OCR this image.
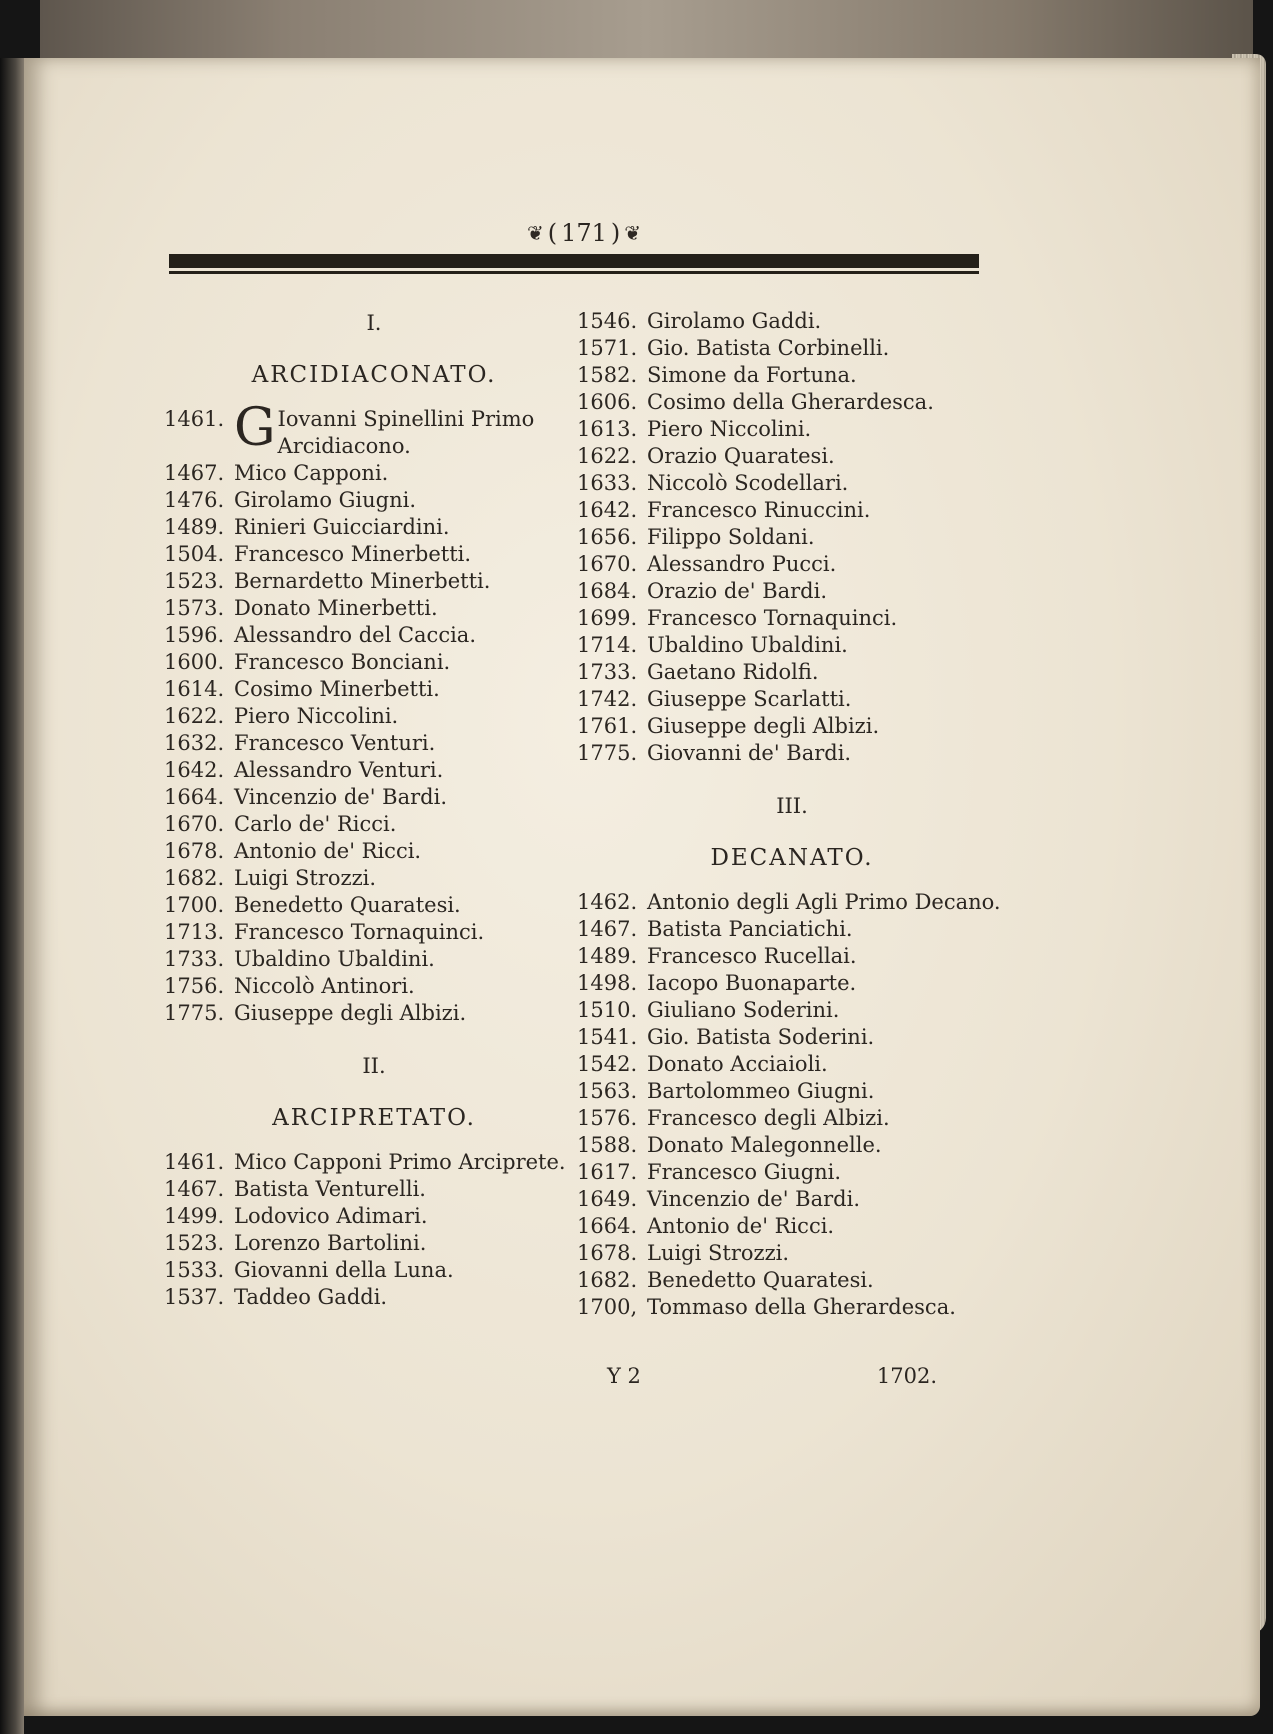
❦ ( 171 ) ❦
I.
ARCIDIACONATO.
1461. G Iovanni Spinellini Primo Arcidiacono.
1467. Mico Capponi.
1476. Girolamo Giugni.
1489. Rinieri Guicciardini.
1504. Francesco Minerbetti.
1523. Bernardetto Minerbetti.
1573. Donato Minerbetti.
1596. Alessandro del Caccia.
1600. Francesco Bonciani.
1614. Cosimo Minerbetti.
1622. Piero Niccolini.
1632. Francesco Venturi.
1642. Alessandro Venturi.
1664. Vincenzio de' Bardi.
1670. Carlo de' Ricci.
1678. Antonio de' Ricci.
1682. Luigi Strozzi.
1700. Benedetto Quaratesi.
1713. Francesco Tornaquinci.
1733. Ubaldino Ubaldini.
1756. Niccolò Antinori.
1775. Giuseppe degli Albizi.
II.
ARCIPRETATO.
1461. Mico Capponi Primo Arciprete.
1467. Batista Venturelli.
1499. Lodovico Adimari.
1523. Lorenzo Bartolini.
1533. Giovanni della Luna.
1537. Taddeo Gaddi.
1546. Girolamo Gaddi.
1571. Gio. Batista Corbinelli.
1582. Simone da Fortuna.
1606. Cosimo della Gherardesca.
1613. Piero Niccolini.
1622. Orazio Quaratesi.
1633. Niccolò Scodellari.
1642. Francesco Rinuccini.
1656. Filippo Soldani.
1670. Alessandro Pucci.
1684. Orazio de' Bardi.
1699. Francesco Tornaquinci.
1714. Ubaldino Ubaldini.
1733. Gaetano Ridolfi.
1742. Giuseppe Scarlatti.
1761. Giuseppe degli Albizi.
1775. Giovanni de' Bardi.
III.
DECANATO.
1462. Antonio degli Agli Primo Decano.
1467. Batista Panciatichi.
1489. Francesco Rucellai.
1498. Iacopo Buonaparte.
1510. Giuliano Soderini.
1541. Gio. Batista Soderini.
1542. Donato Acciaioli.
1563. Bartolommeo Giugni.
1576. Francesco degli Albizi.
1588. Donato Malegonnelle.
1617. Francesco Giugni.
1649. Vincenzio de' Bardi.
1664. Antonio de' Ricci.
1678. Luigi Strozzi.
1682. Benedetto Quaratesi.
1700, Tommaso della Gherardesca.
Y 2	1702.
